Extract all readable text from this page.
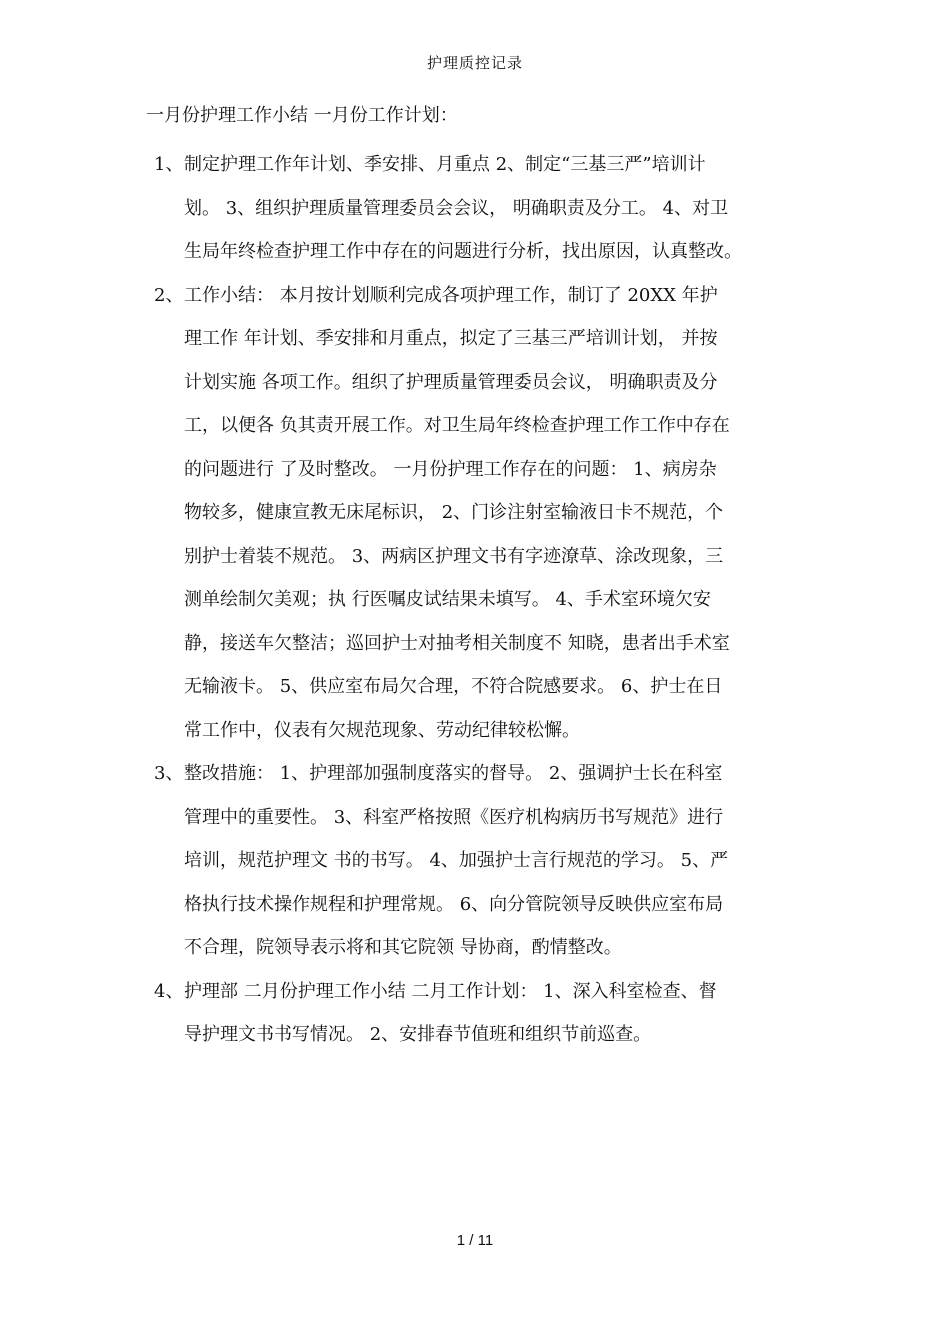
护理质控记录
一月份护理工作小结 一月份工作计划：
1、 制定护理工作年计划、季安排、月重点 2、制定“三基三严”培训计
划。 3、组织护理质量管理委员会会议， 明确职责及分工。 4、对卫
生局年终检查护理工作中存在的问题进行分析，找出原因，认真整改。
2、 工作小结： 本月按计划顺利完成各项护理工作，制订了 20XX 年护
理工作 年计划、季安排和月重点，拟定了三基三严培训计划， 并按
计划实施 各项工作。组织了护理质量管理委员会议， 明确职责及分
工，以便各 负其责开展工作。对卫生局年终检查护理工作工作中存在
的问题进行 了及时整改。 一月份护理工作存在的问题： 1、病房杂
物较多，健康宣教无床尾标识， 2、门诊注射室输液日卡不规范，个
别护士着装不规范。 3、两病区护理文书有字迹潦草、涂改现象，三
测单绘制欠美观；执 行医嘱皮试结果未填写。 4、手术室环境欠安
静，接送车欠整洁；巡回护士对抽考相关制度不 知晓，患者出手术室
无输液卡。 5、供应室布局欠合理，不符合院感要求。 6、护士在日
常工作中，仪表有欠规范现象、劳动纪律较松懈。
3、 整改措施： 1、护理部加强制度落实的督导。 2、强调护士长在科室
管理中的重要性。 3、科室严格按照《医疗机构病历书写规范》进行
培训，规范护理文 书的书写。 4、加强护士言行规范的学习。 5、严
格执行技术操作规程和护理常规。 6、向分管院领导反映供应室布局
不合理，院领导表示将和其它院领 导协商，酌情整改。
4、 护理部 二月份护理工作小结 二月工作计划： 1、深入科室检查、督
导护理文书书写情况。 2、安排春节值班和组织节前巡查。
1 / 11
